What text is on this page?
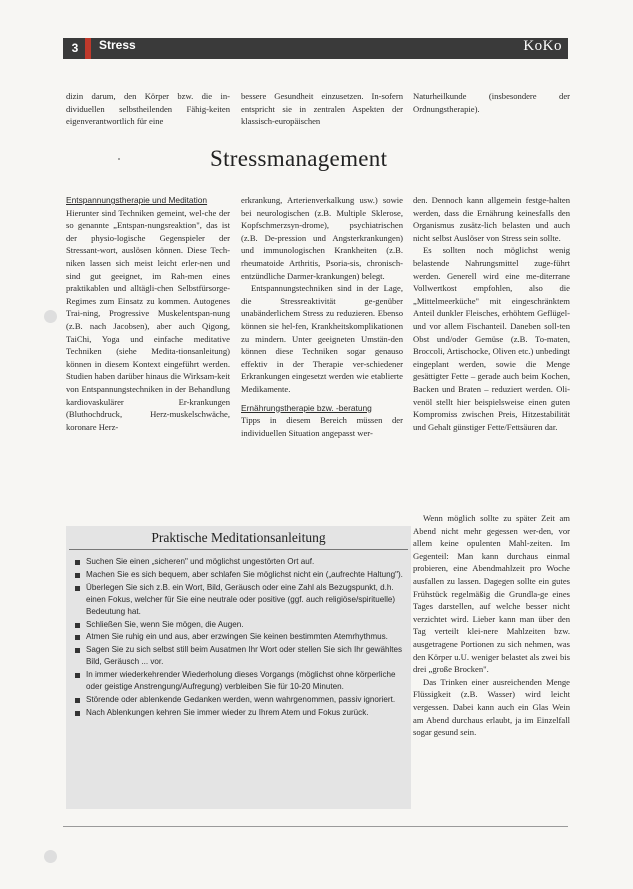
3	Stress	KoKo

dizin darum, den Körper bzw. die in-dividuellen selbstheilenden Fähig-keiten eigenverantwortlich für eine

bessere Gesundheit einzusetzen. In-sofern entspricht sie in zentralen Aspekten der klassisch-europäischen

Naturheilkunde (insbesondere der Ordnungstherapie).

Stressmanagement

Entspannungstherapie und Meditation

Hierunter sind Techniken gemeint, wel-che der so genannte „Entspan-nungsreaktion", das ist der physio-logische Gegenspieler der Stressant-wort, auslösen können. Diese Tech-niken lassen sich meist leicht erler-nen und sind gut geeignet, im Rah-men eines praktikablen und alltägli-chen Selbstfürsorge-Regimes zum Einsatz zu kommen. Autogenes Trai-ning, Progressive Muskelentspan-nung (z.B. nach Jacobsen), aber auch Qigong, TaiChi, Yoga und einfache meditative Techniken (siehe Medita-tionsanleitung) können in diesem Kontext eingeführt werden. Studien haben darüber hinaus die Wirksam-keit von Entspannungstechniken in der Behandlung kardiovaskulärer Er-krankungen (Bluthochdruck, Herz-muskelschwäche, koronare Herz-

erkrankung, Arterienverkalkung usw.) sowie bei neurologischen (z.B. Multiple Sklerose, Kopfschmerzsyn-drome), psychiatrischen (z.B. De-pression und Angsterkrankungen) und immunologischen Krankheiten (z.B. rheumatoide Arthritis, Psoria-sis, chronisch-entzündliche Darmer-krankungen) belegt.

Entspannungstechniken sind in der Lage, die Stressreaktivität ge-genüber unabänderlichem Stress zu reduzieren. Ebenso können sie hel-fen, Krankheitskomplikationen zu mindern. Unter geeigneten Umstän-den können diese Techniken sogar genauso effektiv in der Therapie ver-schiedener Erkrankungen eingesetzt werden wie etablierte Medikamente.

Ernährungstherapie bzw. -beratung

Tipps in diesem Bereich müssen der individuellen Situation angepasst wer-

den. Dennoch kann allgemein festge-halten werden, dass die Ernährung keinesfalls den Organismus zusätz-lich belasten und auch nicht selbst Auslöser von Stress sein sollte.

Es sollten noch möglichst wenig belastende Nahrungsmittel zuge-führt werden. Generell wird eine me-diterrane Vollwertkost empfohlen, also die „Mittelmeerküche" mit eingeschränktem Anteil dunkler Fleisches, erhöhtem Geflügel- und vor allem Fischanteil. Daneben soll-ten Obst und/oder Gemüse (z.B. To-maten, Broccoli, Artischocke, Oliven etc.) unbedingt eingeplant werden, sowie die Menge gesättigter Fette – gerade auch beim Kochen, Backen und Braten – reduziert werden. Oli-venöl stellt hier beispielsweise einen guten Kompromiss zwischen Preis, Hitzestabilität und Gehalt günstiger Fette/Fettsäuren dar.

Wenn möglich sollte zu später Zeit am Abend nicht mehr gegessen wer-den, vor allem keine opulenten Mahl-zeiten. Im Gegenteil: Man kann durchaus einmal probieren, eine Abendmahlzeit pro Woche ausfallen zu lassen. Dagegen sollte ein gutes Frühstück regelmäßig die Grundla-ge eines Tages darstellen, auf welche besser nicht verzichtet wird. Lieber kann man über den Tag verteilt klei-nere Mahlzeiten bzw. ausgetragene Portionen zu sich nehmen, was den Körper u.U. weniger belastet als zwei bis drei „große Brocken".

Das Trinken einer ausreichenden Menge Flüssigkeit (z.B. Wasser) wird leicht vergessen. Dabei kann auch ein Glas Wein am Abend durchaus erlaubt, ja im Einzelfall sogar gesund sein.

Praktische Meditationsanleitung
Suchen Sie einen „sicheren" und möglichst ungestörten Ort auf.
Machen Sie es sich bequem, aber schlafen Sie möglichst nicht ein („aufrechte Haltung").
Überlegen Sie sich z.B. ein Wort, Bild, Geräusch oder eine Zahl als Bezugspunkt, d.h. einen Fokus, welcher für Sie eine neutrale oder positive (ggf. auch religiöse/spirituelle) Bedeutung hat.
Schließen Sie, wenn Sie mögen, die Augen.
Atmen Sie ruhig ein und aus, aber erzwingen Sie keinen bestimmten Atemrhythmus.
Sagen Sie zu sich selbst still beim Ausatmen Ihr Wort oder stellen Sie sich Ihr gewähltes Bild, Geräusch ... vor.
In immer wiederkehrender Wiederholung dieses Vorgangs (möglichst ohne körperliche oder geistige Anstrengung/Aufregung) verbleiben Sie für 10-20 Minuten.
Störende oder ablenkende Gedanken werden, wenn wahrgenommen, passiv ignoriert.
Nach Ablenkungen kehren Sie immer wieder zu Ihrem Atem und Fokus zurück.
